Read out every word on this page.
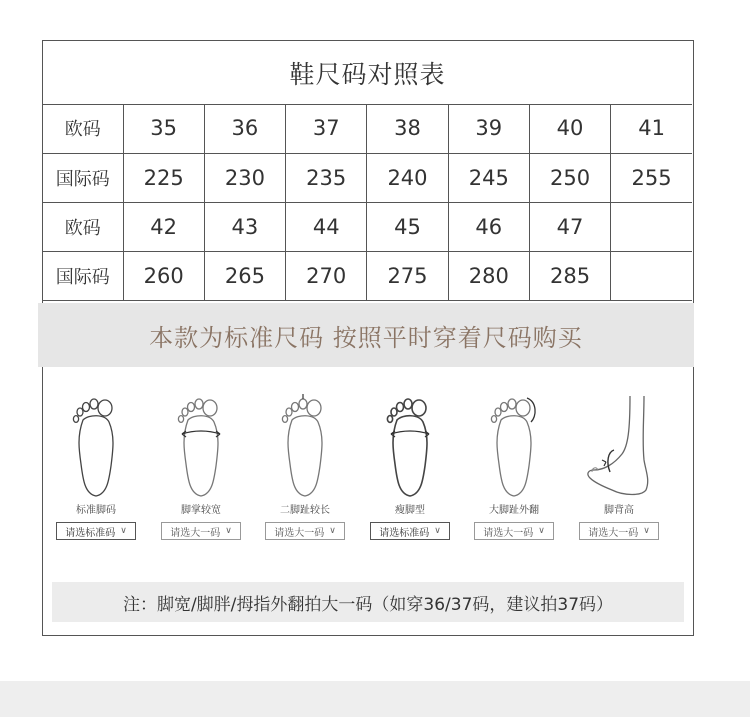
鞋尺码对照表
欧码	35	36	37	38	39	40	41
国际码	225	230	235	240	245	250	255
欧码	42	43	44	45	46	47	
国际码	260	265	270	275	280	285	
本款为标准尺码 按照平时穿着尺码购买
标准脚码
请选标准码 ∨
脚掌较宽
请选大一码 ∨
二脚趾较长
请选大一码 ∨
瘦脚型
请选标准码 ∨
大脚趾外翻
请选大一码 ∨
脚背高
请选大一码 ∨
注：脚宽/脚胖/拇指外翻拍大一码（如穿36/37码，建议拍37码）
